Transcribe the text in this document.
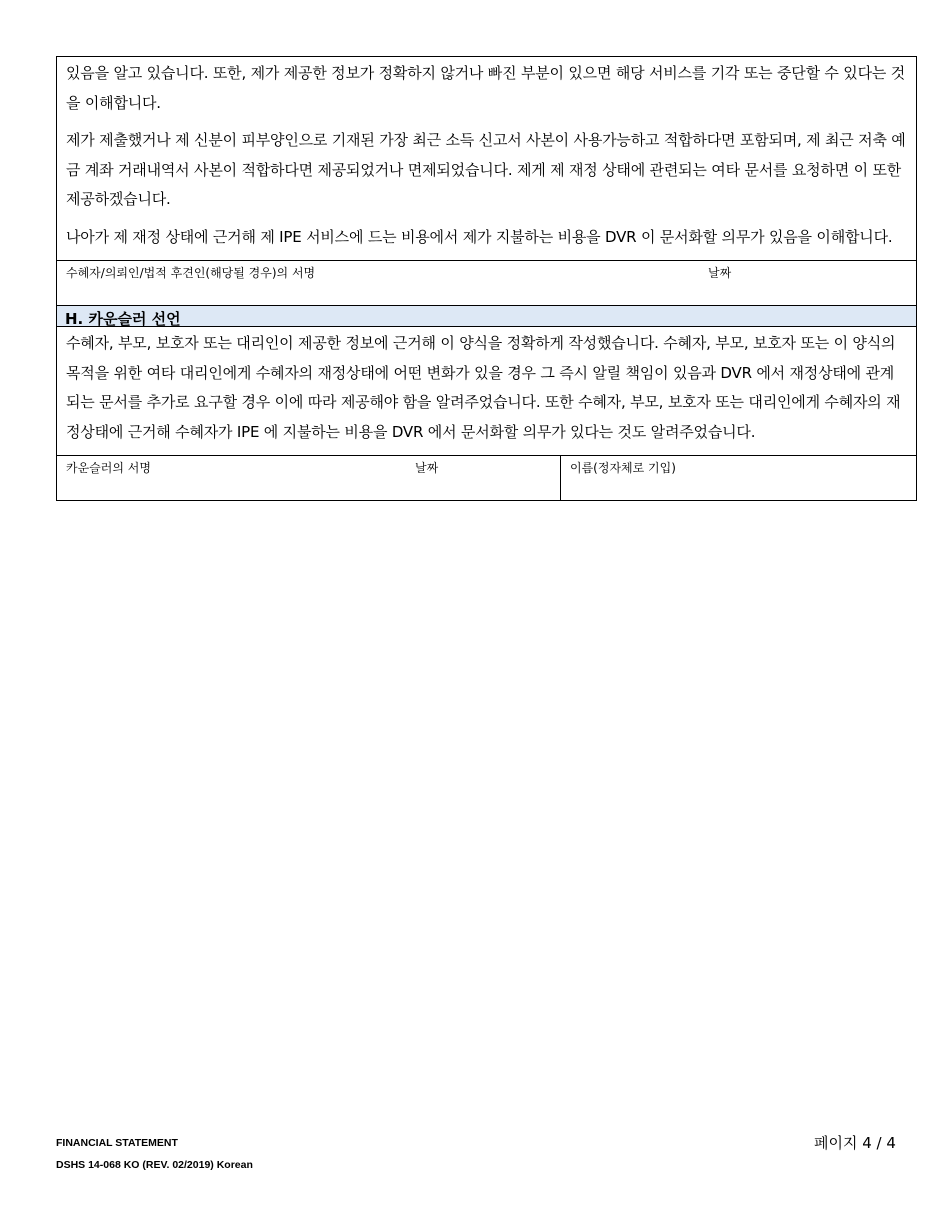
있음을 알고 있습니다. 또한, 제가 제공한 정보가 정확하지 않거나 빠진 부분이 있으면 해당 서비스를 기각 또는 중단할 수 있다는 것을 이해합니다.

제가 제출했거나 제 신분이 피부양인으로 기재된 가장 최근 소득 신고서 사본이 사용가능하고 적합하다면 포함되며, 제 최근 저축 예금 계좌 거래내역서 사본이 적합하다면 제공되었거나 면제되었습니다. 제게 제 재정 상태에 관련되는 여타 문서를 요청하면 이 또한 제공하겠습니다.

나아가 제 재정 상태에 근거해 제 IPE 서비스에 드는 비용에서 제가 지불하는 비용을 DVR 이 문서화할 의무가 있음을 이해합니다.

수혜자/의뢰인/법적 후견인(해당될 경우)의 서명	날짜
H. 카운슬러 선언

수혜자, 부모, 보호자 또는 대리인이 제공한 정보에 근거해 이 양식을 정확하게 작성했습니다. 수혜자, 부모, 보호자 또는 이 양식의 목적을 위한 여타 대리인에게 수혜자의 재정상태에 어떤 변화가 있을 경우 그 즉시 알릴 책임이 있음과 DVR 에서 재정상태에 관계되는 문서를 추가로 요구할 경우 이에 따라 제공해야 함을 알려주었습니다. 또한 수혜자, 부모, 보호자 또는 대리인에게 수혜자의 재정상태에 근거해 수혜자가 IPE 에 지불하는 비용을 DVR 에서 문서화할 의무가 있다는 것도 알려주었습니다.

카운슬러의 서명	날짜	이름(정자체로 기입)
FINANCIAL STATEMENT
DSHS 14-068 KO (REV. 02/2019) Korean
페이지 4 / 4
